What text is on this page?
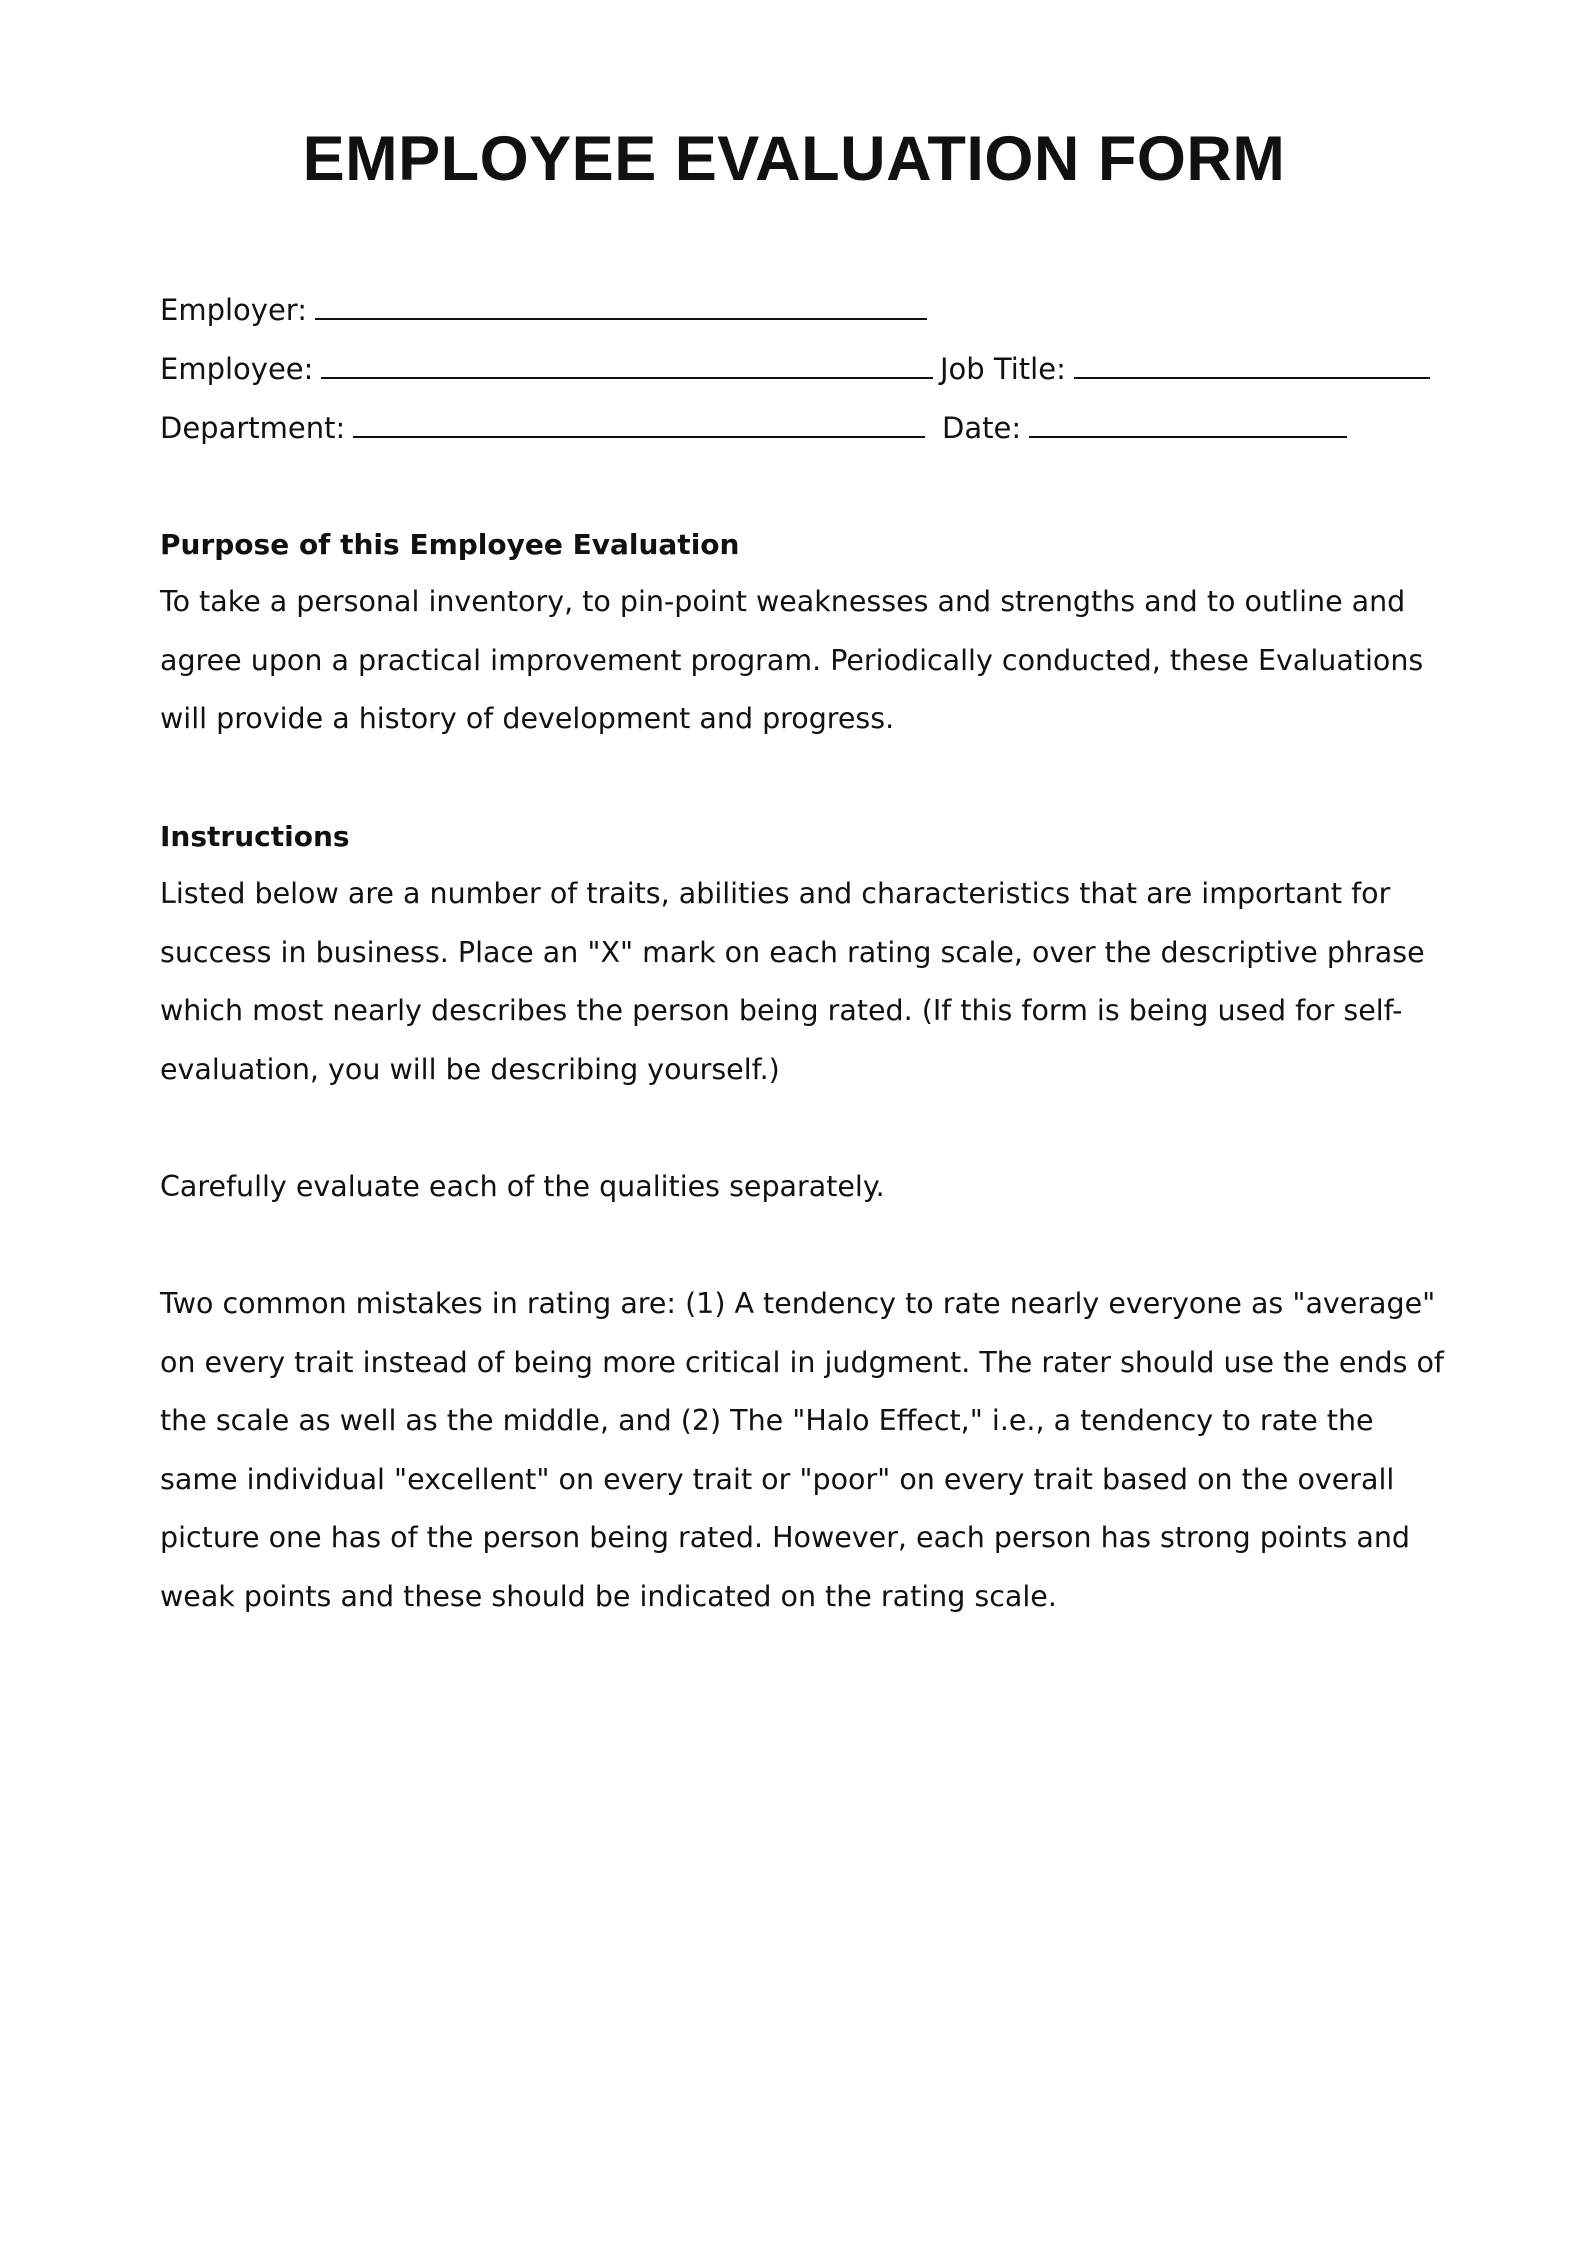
EMPLOYEE EVALUATION FORM
Employer:
Employee:	Job Title:
Department:	Date:
Purpose of this Employee Evaluation

To take a personal inventory, to pin-point weaknesses and strengths and to outline and agree upon a practical improvement program. Periodically conducted, these Evaluations will provide a history of development and progress.

Instructions

Listed below are a number of traits, abilities and characteristics that are important for success in business. Place an "X" mark on each rating scale, over the descriptive phrase which most nearly describes the person being rated. (If this form is being used for self-evaluation, you will be describing yourself.)

Carefully evaluate each of the qualities separately.

Two common mistakes in rating are: (1) A tendency to rate nearly everyone as "average" on every trait instead of being more critical in judgment. The rater should use the ends of the scale as well as the middle, and (2) The "Halo Effect," i.e., a tendency to rate the same individual "excellent" on every trait or "poor" on every trait based on the overall picture one has of the person being rated. However, each person has strong points and weak points and these should be indicated on the rating scale.
